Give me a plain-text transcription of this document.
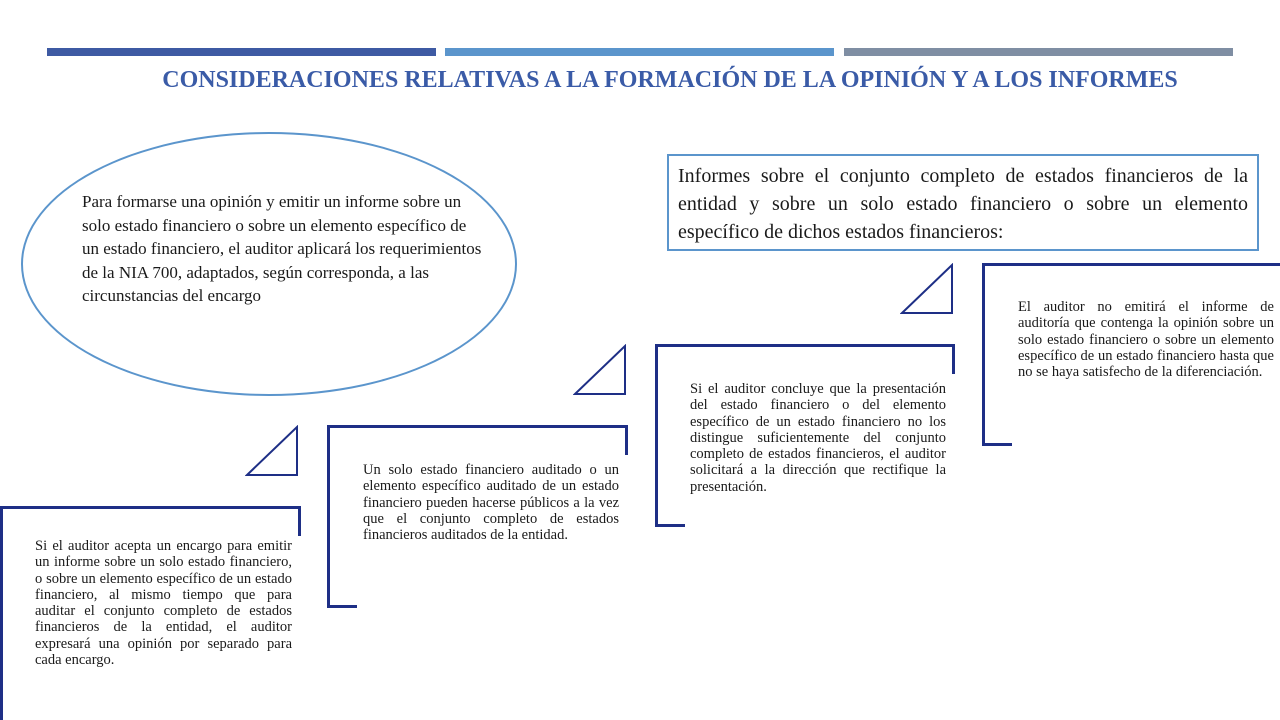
CONSIDERACIONES RELATIVAS A LA FORMACIÓN DE LA OPINIÓN Y A LOS INFORMES

Para formarse una opinión y emitir un informe sobre un solo estado financiero o sobre un elemento específico de un estado financiero, el auditor aplicará los requerimientos de la NIA 700, adaptados, según corresponda, a las circunstancias del encargo

Informes sobre el conjunto completo de estados financieros de la entidad y sobre un solo estado financiero o sobre un elemento específico de dichos estados financieros:

Si el auditor acepta un encargo para emitir un informe sobre un solo estado financiero, o sobre un elemento específico de un estado financiero, al mismo tiempo que para auditar el conjunto completo de estados financieros de la entidad, el auditor expresará una opinión por separado para cada encargo.

Un solo estado financiero auditado o un elemento específico auditado de un estado financiero pueden hacerse públicos a la vez que el conjunto completo de estados financieros auditados de la entidad.

Si el auditor concluye que la presentación del estado financiero o del elemento específico de un estado financiero no los distingue suficientemente del conjunto completo de estados financieros, el auditor solicitará a la dirección que rectifique la presentación.

El auditor no emitirá el informe de auditoría que contenga la opinión sobre un solo estado financiero o sobre un elemento específico de un estado financiero hasta que no se haya satisfecho de la diferenciación.
